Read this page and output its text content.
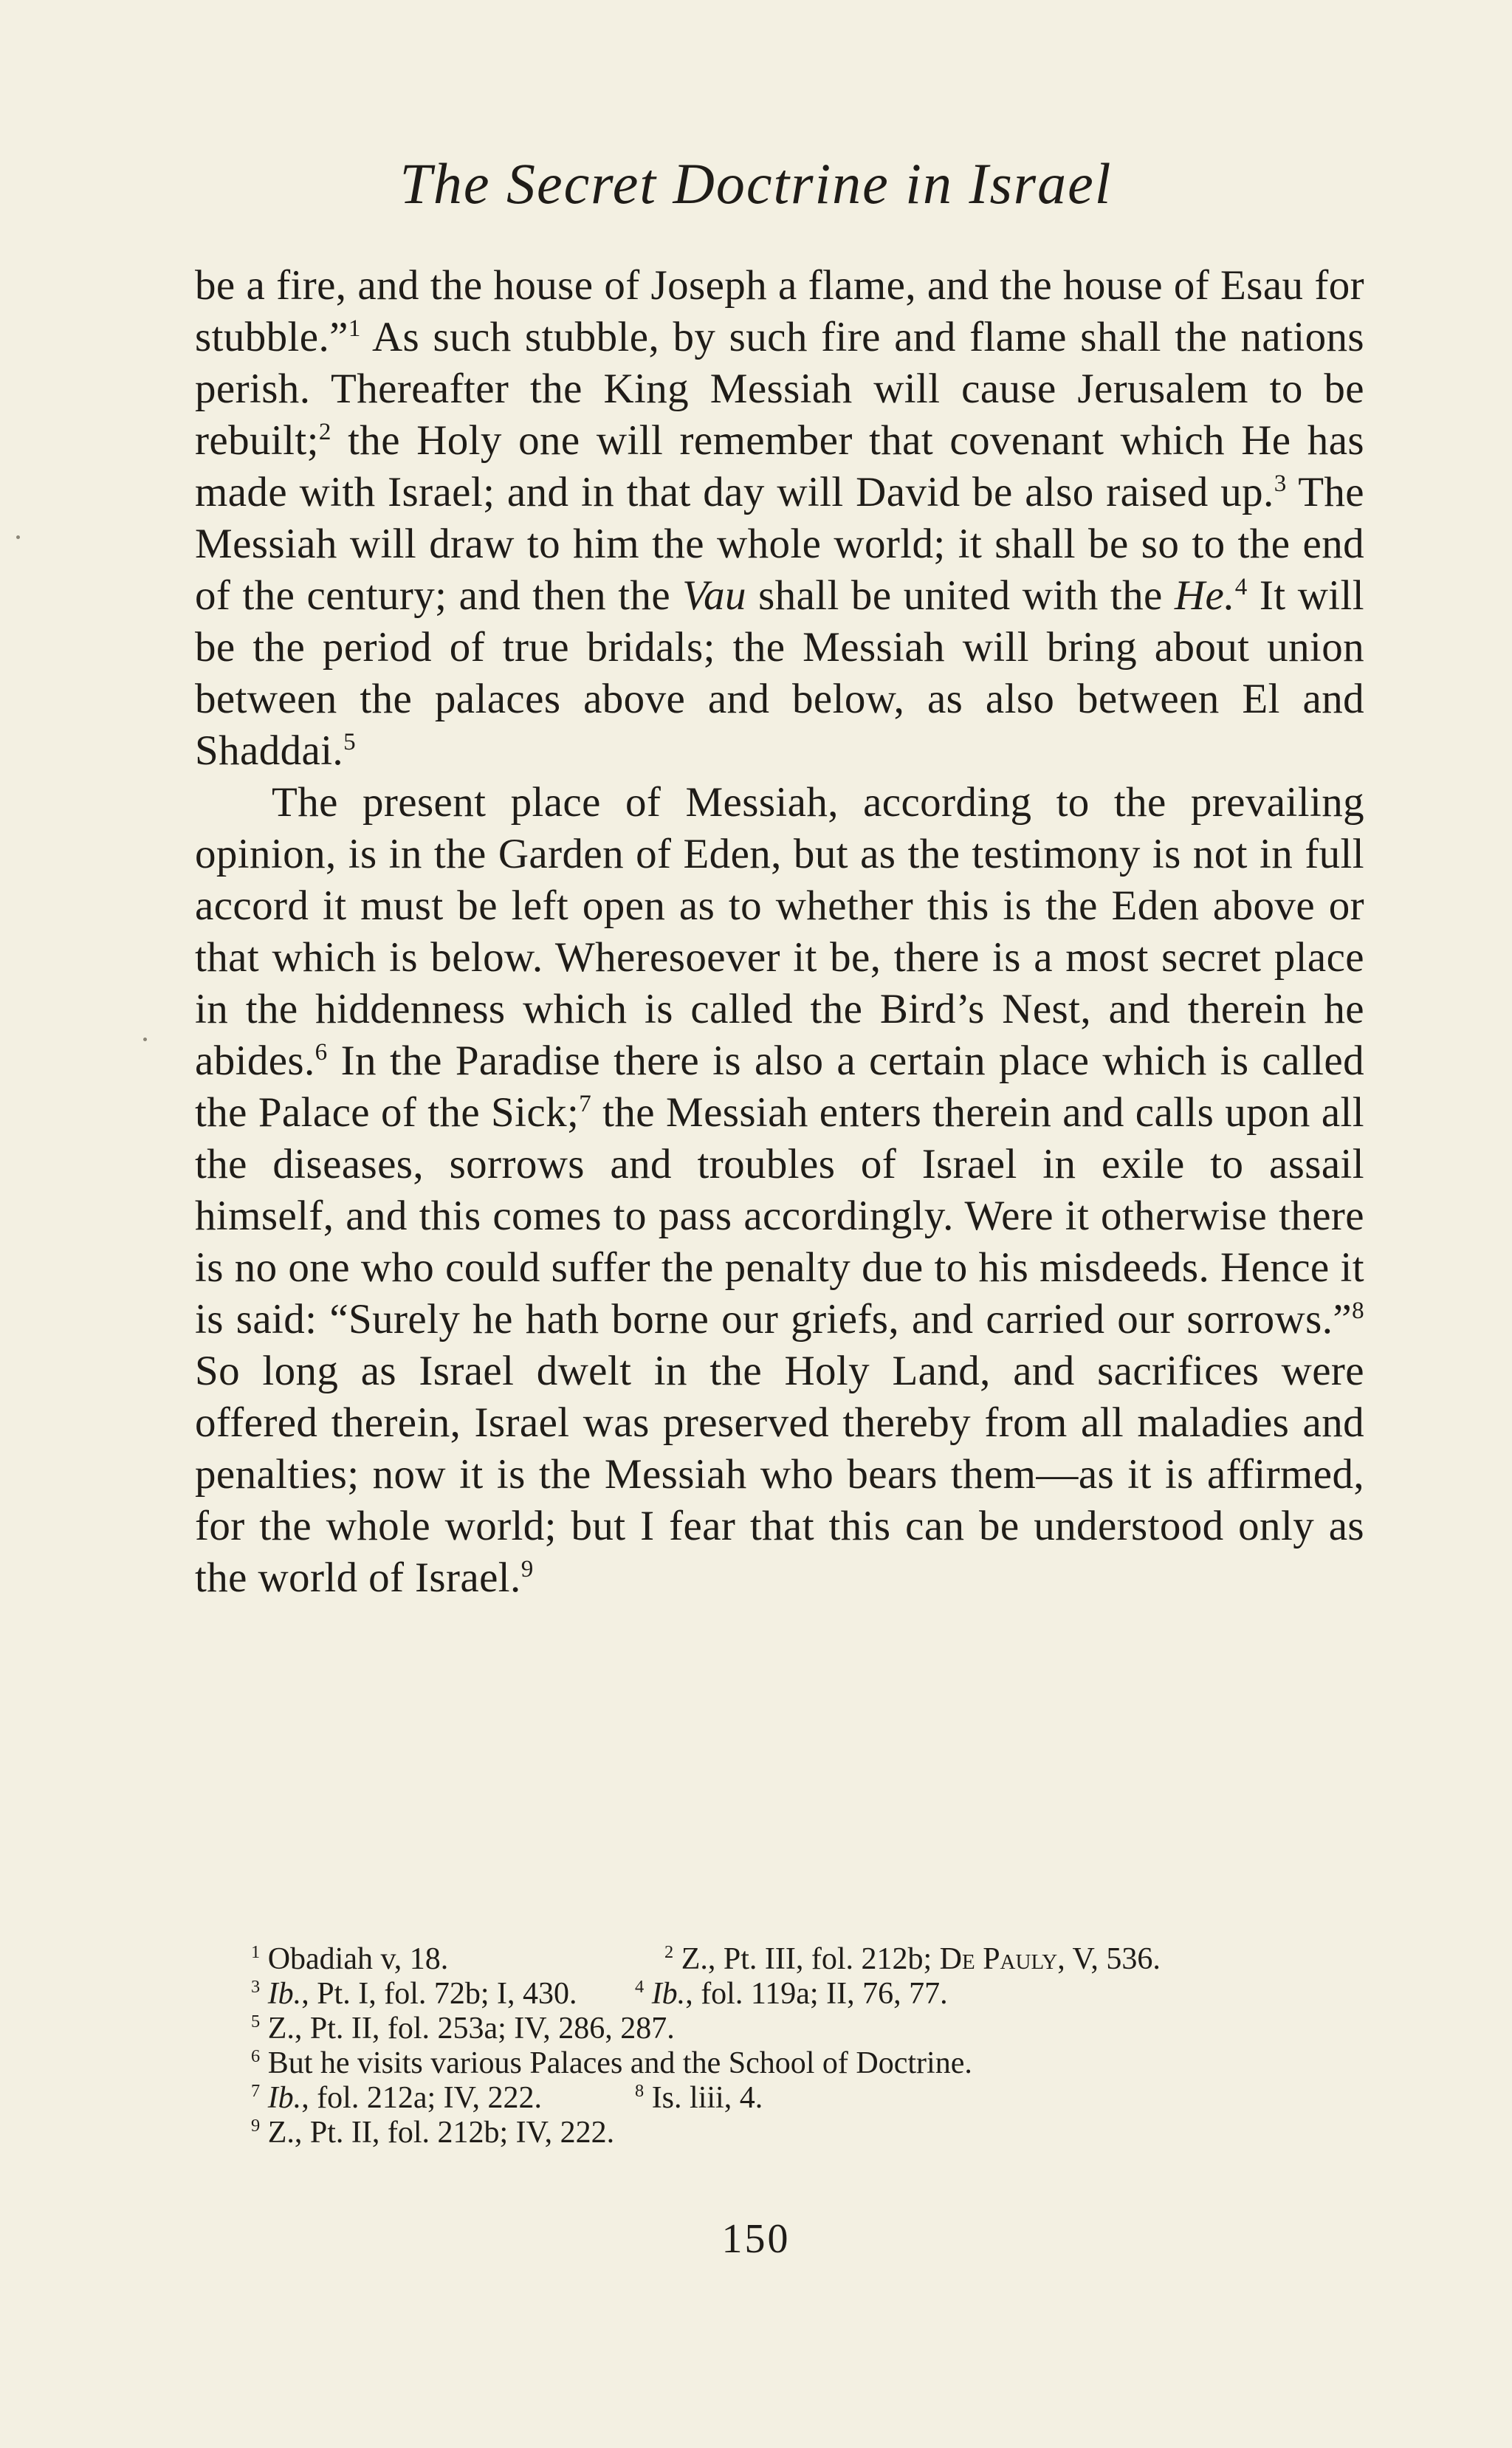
The Secret Doctrine in Israel

be a fire, and the house of Joseph a flame, and the house of Esau for stubble.”$^1$ As such stubble, by such fire and flame shall the nations perish. Thereafter the King Messiah will cause Jerusalem to be rebuilt;$^2$ the Holy one will remember that covenant which He has made with Israel; and in that day will David be also raised up.$^3$ The Messiah will draw to him the whole world; it shall be so to the end of the century; and then the Vau shall be united with the He.$^4$ It will be the period of true bridals; the Messiah will bring about union between the palaces above and below, as also between El and Shaddai.$^5$

The present place of Messiah, according to the prevailing opinion, is in the Garden of Eden, but as the testimony is not in full accord it must be left open as to whether this is the Eden above or that which is below. Wheresoever it be, there is a most secret place in the hiddenness which is called the Bird’s Nest, and therein he abides.$^6$ In the Paradise there is also a certain place which is called the Palace of the Sick;$^7$ the Messiah enters therein and calls upon all the diseases, sorrows and troubles of Israel in exile to assail himself, and this comes to pass accordingly. Were it otherwise there is no one who could suffer the penalty due to his misdeeds. Hence it is said: “Surely he hath borne our griefs, and carried our sorrows.”$^8$ So long as Israel dwelt in the Holy Land, and sacrifices were offered therein, Israel was preserved thereby from all maladies and penalties; now it is the Messiah who bears them—as it is affirmed, for the whole world; but I fear that this can be understood only as the world of Israel.$^9$

$^1$ Obadiah v, 18.	$^2$ Z., Pt. III, fol. 212b; De Pauly, V, 536.
$^3$ Ib., Pt. I, fol. 72b; I, 430.	$^4$ Ib., fol. 119a; II, 76, 77.
$^5$ Z., Pt. II, fol. 253a; IV, 286, 287.
$^6$ But he visits various Palaces and the School of Doctrine.
$^7$ Ib., fol. 212a; IV, 222.	$^8$ Is. liii, 4.
$^9$ Z., Pt. II, fol. 212b; IV, 222.
150
